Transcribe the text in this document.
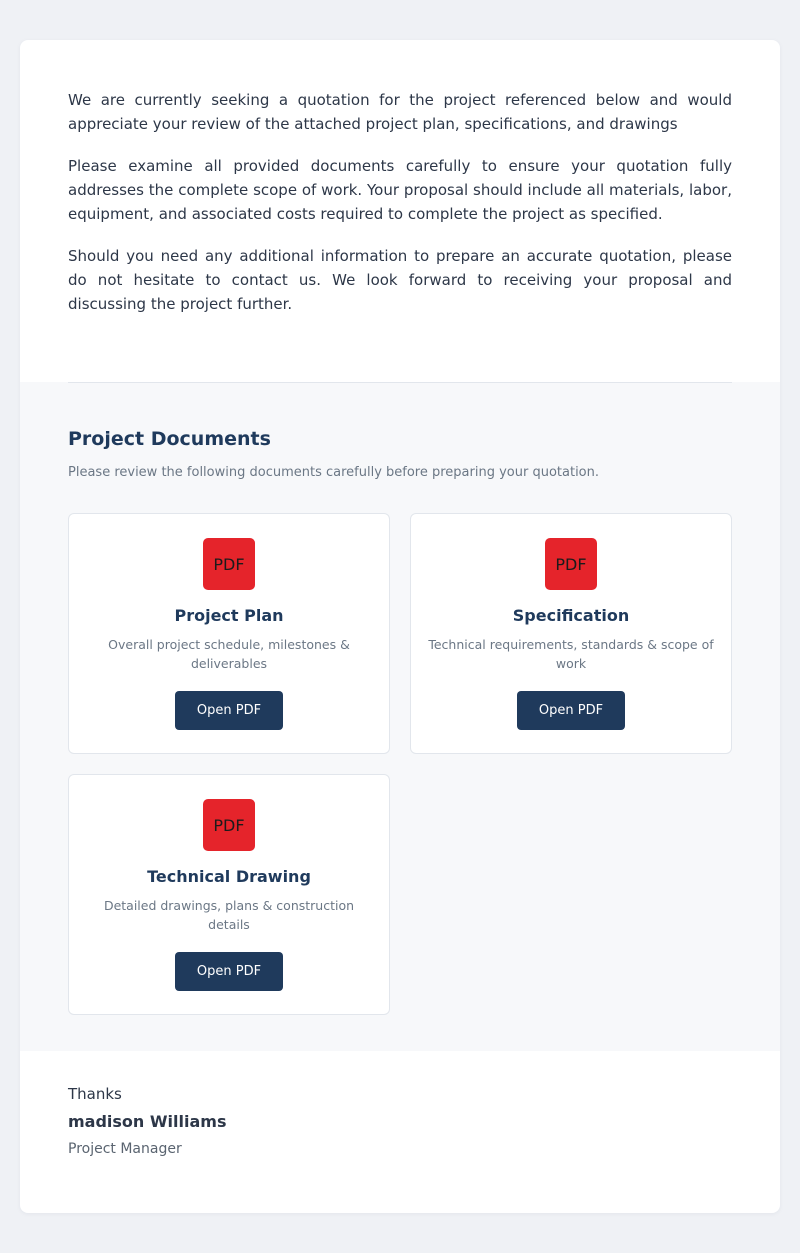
We are currently seeking a quotation for the project referenced below and would appreciate your review of the attached project plan, specifications, and drawings

Please examine all provided documents carefully to ensure your quotation fully addresses the complete scope of work. Your proposal should include all materials, labor, equipment, and associated costs required to complete the project as specified.

Should you need any additional information to prepare an accurate quotation, please do not hesitate to contact us. We look forward to receiving your proposal and discussing the project further.

Project Documents
Please review the following documents carefully before preparing your quotation.
PDF
Project Plan
Overall project schedule, milestones & deliverables
Open PDF
PDF
Specification
Technical requirements, standards & scope of work
Open PDF
PDF
Technical Drawing
Detailed drawings, plans & construction details
Open PDF
Thanks
madison Williams
Project Manager
